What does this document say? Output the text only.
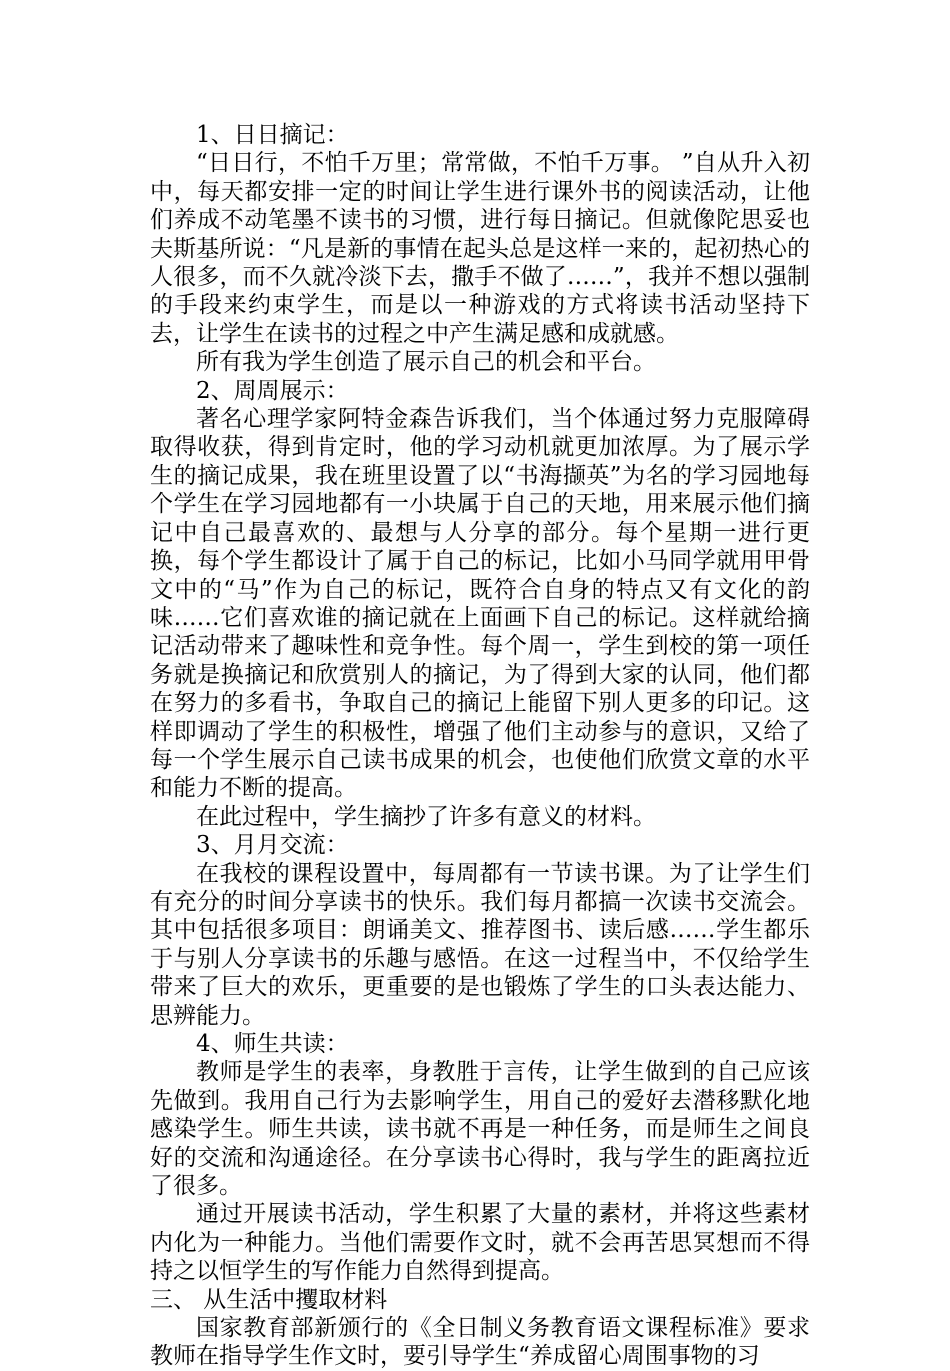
1、日日摘记：

“日日行，不怕千万里；常常做，不怕千万事。 ”自从升入初中，每天都安排一定的时间让学生进行课外书的阅读活动，让他们养成不动笔墨不读书的习惯，进行每日摘记。但就像陀思妥也夫斯基所说：“凡是新的事情在起头总是这样一来的，起初热心的人很多，而不久就冷淡下去，撒手不做了……”，我并不想以强制的手段来约束学生，而是以一种游戏的方式将读书活动坚持下去，让学生在读书的过程之中产生满足感和成就感。

所有我为学生创造了展示自己的机会和平台。

2、周周展示：

著名心理学家阿特金森告诉我们，当个体通过努力克服障碍取得收获，得到肯定时，他的学习动机就更加浓厚。为了展示学生的摘记成果，我在班里设置了以“书海撷英”为名的学习园地每个学生在学习园地都有一小块属于自己的天地，用来展示他们摘记中自己最喜欢的、最想与人分享的部分。每个星期一进行更换，每个学生都设计了属于自己的标记，比如小马同学就用甲骨文中的“马”作为自己的标记，既符合自身的特点又有文化的韵味……它们喜欢谁的摘记就在上面画下自己的标记。这样就给摘记活动带来了趣味性和竞争性。每个周一，学生到校的第一项任务就是换摘记和欣赏别人的摘记，为了得到大家的认同，他们都在努力的多看书，争取自己的摘记上能留下别人更多的印记。这样即调动了学生的积极性，增强了他们主动参与的意识，又给了每一个学生展示自己读书成果的机会，也使他们欣赏文章的水平和能力不断的提高。

在此过程中，学生摘抄了许多有意义的材料。

3、月月交流：

在我校的课程设置中，每周都有一节读书课。为了让学生们有充分的时间分享读书的快乐。我们每月都搞一次读书交流会。其中包括很多项目：朗诵美文、推荐图书、读后感……学生都乐于与别人分享读书的乐趣与感悟。在这一过程当中，不仅给学生带来了巨大的欢乐，更重要的是也锻炼了学生的口头表达能力、思辨能力。

4、师生共读：

教师是学生的表率，身教胜于言传，让学生做到的自己应该先做到。我用自己行为去影响学生，用自己的爱好去潜移默化地感染学生。师生共读，读书就不再是一种任务，而是师生之间良好的交流和沟通途径。在分享读书心得时，我与学生的距离拉近了很多。

通过开展读书活动，学生积累了大量的素材，并将这些素材内化为一种能力。当他们需要作文时，就不会再苦思冥想而不得持之以恒学生的写作能力自然得到提高。

三、 从生活中攫取材料

国家教育部新颁行的《全日制义务教育语文课程标准》要求教师在指导学生作文时，要引导学生“养成留心周围事物的习
